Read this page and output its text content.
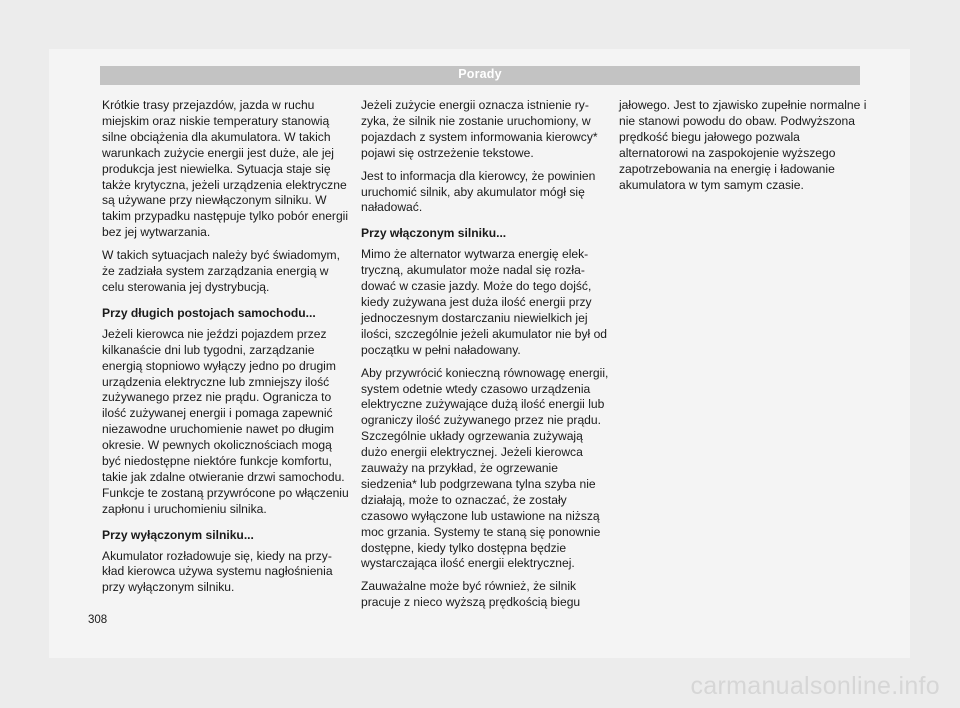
Porady

Krótkie trasy przejazdów, jazda w ruchu miejskim oraz niskie temperatury stanowią silne obciążenia dla akumulatora. W takich warunkach zużycie energii jest duże, ale jej produkcja jest niewielka. Sytuacja staje się także krytyczna, jeżeli urządzenia elektryczne są używane przy niewłączonym silniku. W takim przypadku następuje tylko pobór energii bez jej wytwarzania.

W takich sytuacjach należy być świadomym, że zadziała system zarządzania energią w celu sterowania jej dystrybucją.

Przy długich postojach samochodu...

Jeżeli kierowca nie jeździ pojazdem przez kilkanaście dni lub tygodni, zarządzanie energią stopniowo wyłączy jedno po drugim urządzenia elektryczne lub zmniejszy ilość zużywanego przez nie prądu. Ogranicza to ilość zużywanej energii i pomaga zapewnić niezawodne uruchomienie nawet po długim okresie. W pewnych okolicznościach mogą być niedostępne niektóre funkcje komfortu, takie jak zdalne otwieranie drzwi samochodu. Funkcje te zostaną przywrócone po włączeniu zapłonu i uruchomieniu silnika.

Przy wyłączonym silniku...

Akumulator rozładowuje się, kiedy na przykład kierowca używa systemu nagłośnienia przy wyłączonym silniku.

Jeżeli zużycie energii oznacza istnienie ryzyka, że silnik nie zostanie uruchomiony, w pojazdach z system informowania kierowcy* pojawi się ostrzeżenie tekstowe.

Jest to informacja dla kierowcy, że powinien uruchomić silnik, aby akumulator mógł się naładować.

Przy włączonym silniku...

Mimo że alternator wytwarza energię elektryczną, akumulator może nadal się rozładować w czasie jazdy. Może do tego dojść, kiedy zużywana jest duża ilość energii przy jednoczesnym dostarczaniu niewielkich jej ilości, szczególnie jeżeli akumulator nie był od początku w pełni naładowany.

Aby przywrócić konieczną równowagę energii, system odetnie wtedy czasowo urządzenia elektryczne zużywające dużą ilość energii lub ograniczy ilość zużywanego przez nie prądu. Szczególnie układy ogrzewania zużywają dużo energii elektrycznej. Jeżeli kierowca zauważy na przykład, że ogrzewanie siedzenia* lub podgrzewana tylna szyba nie działają, może to oznaczać, że zostały czasowo wyłączone lub ustawione na niższą moc grzania. Systemy te staną się ponownie dostępne, kiedy tylko dostępna będzie wystarczająca ilość energii elektrycznej.

Zauważalne może być również, że silnik pracuje z nieco wyższą prędkością biegu

jałowego. Jest to zjawisko zupełnie normalne i nie stanowi powodu do obaw. Podwyższona prędkość biegu jałowego pozwala alternatorowi na zaspokojenie wyższego zapotrzebowania na energię i ładowanie akumulatora w tym samym czasie.

308
carmanualsonline.info
